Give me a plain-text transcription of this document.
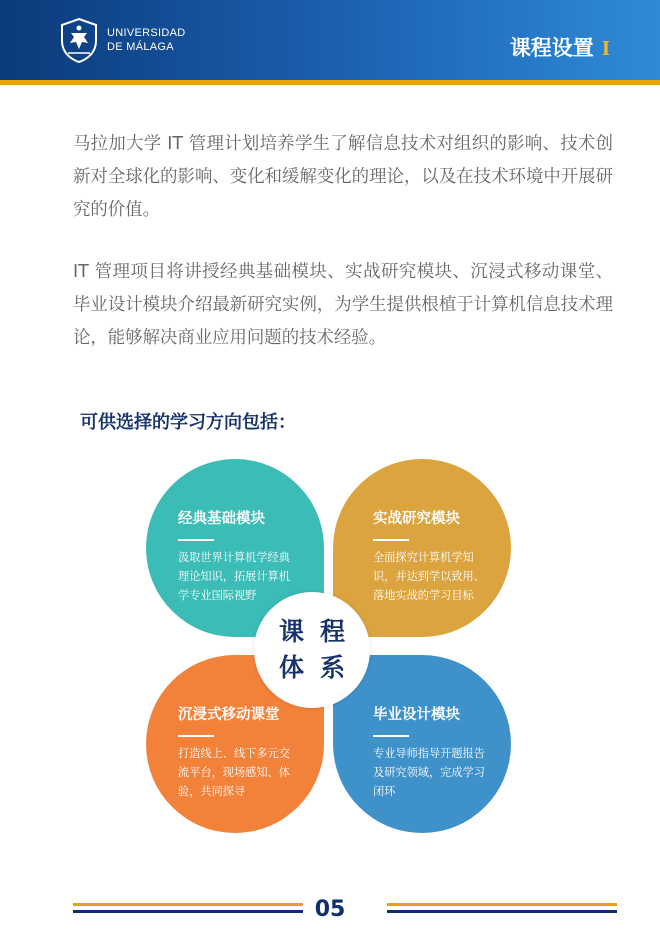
UNIVERSIDAD
DE MÁLAGA	课程设置 I

马拉加大学 IT 管理计划培养学生了解信息技术对组织的影响、技术创新对全球化的影响、变化和缓解变化的理论，以及在技术环境中开展研究的价值。

IT 管理项目将讲授经典基础模块、实战研究模块、沉浸式移动课堂、毕业设计模块介绍最新研究实例，为学生提供根植于计算机信息技术理论，能够解决商业应用问题的技术经验。

可供选择的学习方向包括：
经典基础模块
汲取世界计算机学经典理论知识，拓展计算机学专业国际视野
实战研究模块
全面探究计算机学知识，并达到学以致用、落地实战的学习目标
沉浸式移动课堂
打造线上、线下多元交流平台，现场感知、体验，共同探寻
毕业设计模块
专业导师指导开题报告及研究领域，完成学习闭环
课程
体系
05
